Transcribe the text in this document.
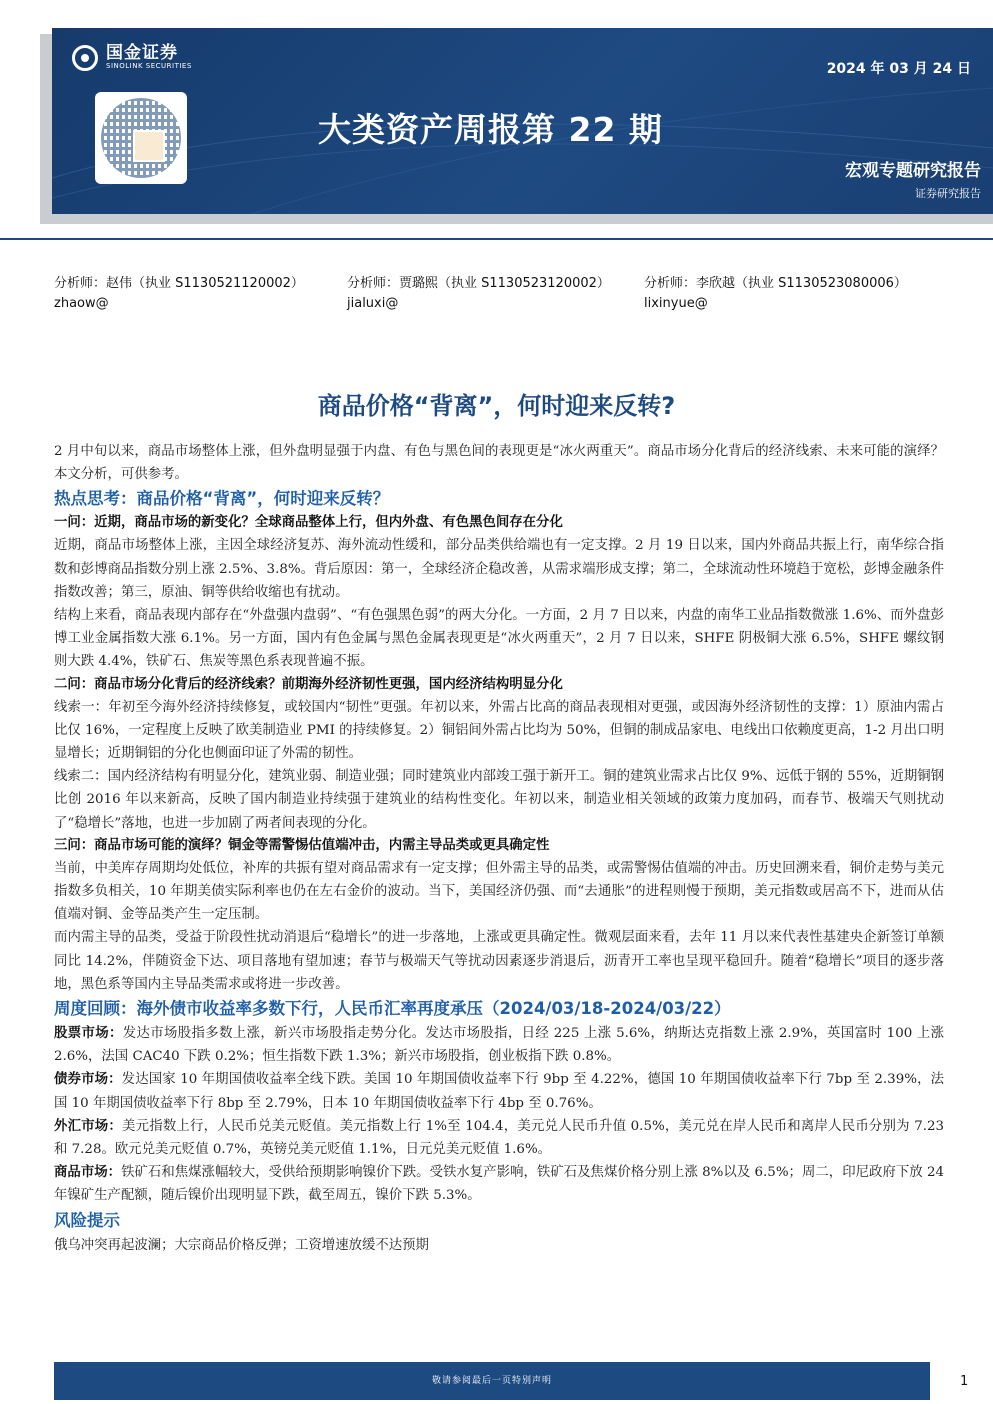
国金证券
SINOLINK SECURITIES	2024 年 03 月 24 日
大类资产周报第 22 期
宏观专题研究报告
证券研究报告
分析师：赵伟（执业 S1130521120002）
zhaow@
分析师：贾璐熙（执业 S1130523120002）
jialuxi@
分析师：李欣越（执业 S1130523080006）
lixinyue@
商品价格“背离”，何时迎来反转?

2 月中旬以来，商品市场整体上涨，但外盘明显强于内盘、有色与黑色间的表现更是“冰火两重天”。商品市场分化背后的经济线索、未来可能的演绎？本文分析，可供参考。

热点思考：商品价格“背离”，何时迎来反转？

一问：近期，商品市场的新变化？全球商品整体上行，但内外盘、有色黑色间存在分化

近期，商品市场整体上涨，主因全球经济复苏、海外流动性缓和，部分品类供给端也有一定支撑。2 月 19 日以来，国内外商品共振上行，南华综合指数和彭博商品指数分别上涨 2.5%、3.8%。背后原因：第一，全球经济企稳改善，从需求端形成支撑；第二，全球流动性环境趋于宽松，彭博金融条件指数改善；第三，原油、铜等供给收缩也有扰动。

结构上来看，商品表现内部存在“外盘强内盘弱”、“有色强黑色弱”的两大分化。一方面，2 月 7 日以来，内盘的南华工业品指数微涨 1.6%、而外盘彭博工业金属指数大涨 6.1%。另一方面，国内有色金属与黑色金属表现更是“冰火两重天”，2 月 7 日以来，SHFE 阴极铜大涨 6.5%，SHFE 螺纹钢则大跌 4.4%，铁矿石、焦炭等黑色系表现普遍不振。

二问：商品市场分化背后的经济线索？前期海外经济韧性更强，国内经济结构明显分化

线索一：年初至今海外经济持续修复，或较国内“韧性”更强。年初以来，外需占比高的商品表现相对更强，或因海外经济韧性的支撑：1）原油内需占比仅 16%，一定程度上反映了欧美制造业 PMI 的持续修复。2）铜铝间外需占比均为 50%，但铜的制成品家电、电线出口依赖度更高，1-2 月出口明显增长；近期铜铝的分化也侧面印证了外需的韧性。

线索二：国内经济结构有明显分化，建筑业弱、制造业强；同时建筑业内部竣工强于新开工。铜的建筑业需求占比仅 9%、远低于钢的 55%，近期铜钢比创 2016 年以来新高，反映了国内制造业持续强于建筑业的结构性变化。年初以来，制造业相关领域的政策力度加码，而春节、极端天气则扰动了“稳增长”落地，也进一步加剧了两者间表现的分化。

三问：商品市场可能的演绎？铜金等需警惕估值端冲击，内需主导品类或更具确定性

当前，中美库存周期均处低位，补库的共振有望对商品需求有一定支撑；但外需主导的品类，或需警惕估值端的冲击。历史回溯来看，铜价走势与美元指数多负相关，10 年期美债实际利率也仍在左右金价的波动。当下，美国经济仍强、而“去通胀”的进程则慢于预期，美元指数或居高不下，进而从估值端对铜、金等品类产生一定压制。

而内需主导的品类，受益于阶段性扰动消退后“稳增长”的进一步落地，上涨或更具确定性。微观层面来看，去年 11 月以来代表性基建央企新签订单额同比 14.2%，伴随资金下达、项目落地有望加速；春节与极端天气等扰动因素逐步消退后，沥青开工率也呈现平稳回升。随着“稳增长”项目的逐步落地，黑色系等国内主导品类需求或将进一步改善。

周度回顾：海外债市收益率多数下行，人民币汇率再度承压（2024/03/18-2024/03/22）

股票市场：发达市场股指多数上涨，新兴市场股指走势分化。发达市场股指，日经 225 上涨 5.6%，纳斯达克指数上涨 2.9%，英国富时 100 上涨 2.6%，法国 CAC40 下跌 0.2%；恒生指数下跌 1.3%；新兴市场股指，创业板指下跌 0.8%。

债券市场：发达国家 10 年期国债收益率全线下跌。美国 10 年期国债收益率下行 9bp 至 4.22%，德国 10 年期国债收益率下行 7bp 至 2.39%，法国 10 年期国债收益率下行 8bp 至 2.79%，日本 10 年期国债收益率下行 4bp 至 0.76%。

外汇市场：美元指数上行，人民币兑美元贬值。美元指数上行 1%至 104.4，美元兑人民币升值 0.5%，美元兑在岸人民币和离岸人民币分别为 7.23 和 7.28。欧元兑美元贬值 0.7%，英镑兑美元贬值 1.1%，日元兑美元贬值 1.6%。

商品市场：铁矿石和焦煤涨幅较大，受供给预期影响镍价下跌。受铁水复产影响，铁矿石及焦煤价格分别上涨 8%以及 6.5%；周二，印尼政府下放 24 年镍矿生产配额，随后镍价出现明显下跌，截至周五，镍价下跌 5.3%。

风险提示

俄乌冲突再起波澜；大宗商品价格反弹；工资增速放缓不达预期

敬请参阅最后一页特别声明	1
